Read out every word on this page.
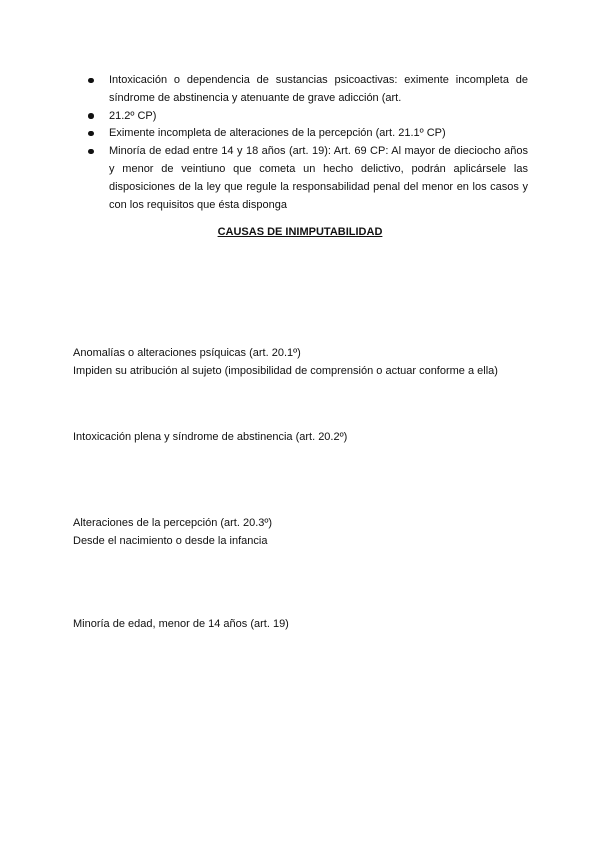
Intoxicación o dependencia de sustancias psicoactivas: eximente incompleta de síndrome de abstinencia y atenuante de grave adicción (art.
21.2º CP)
Eximente incompleta de alteraciones de la percepción (art. 21.1º CP)
Minoría de edad entre 14 y 18 años (art. 19): Art. 69 CP: Al mayor de dieciocho años y menor de veintiuno que cometa un hecho delictivo, podrán aplicársele las disposiciones de la ley que regule la responsabilidad penal del menor en los casos y con los requisitos que ésta disponga
CAUSAS DE INIMPUTABILIDAD

Anomalías o alteraciones psíquicas (art. 20.1º)

Impiden su atribución al sujeto (imposibilidad de comprensión o actuar conforme a ella)

Intoxicación plena y síndrome de abstinencia (art. 20.2º)

Alteraciones de la percepción (art. 20.3º)

Desde el nacimiento o desde la infancia

Minoría de edad, menor de 14 años (art. 19)
